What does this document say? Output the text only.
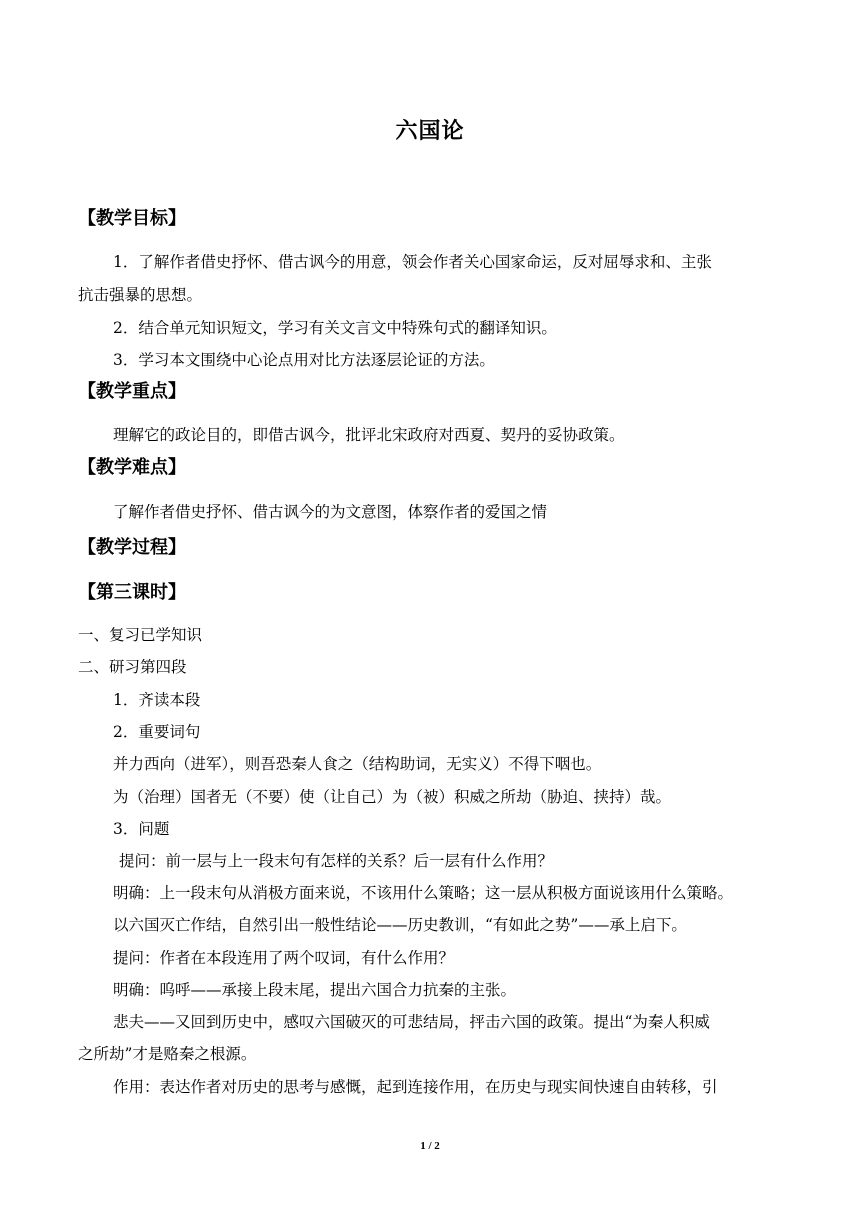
六国论
【教学目标】
1．了解作者借史抒怀、借古讽今的用意，领会作者关心国家命运，反对屈辱求和、主张
抗击强暴的思想。
2．结合单元知识短文，学习有关文言文中特殊句式的翻译知识。
3．学习本文围绕中心论点用对比方法逐层论证的方法。
【教学重点】
理解它的政论目的，即借古讽今，批评北宋政府对西夏、契丹的妥协政策。
【教学难点】
了解作者借史抒怀、借古讽今的为文意图，体察作者的爱国之情
【教学过程】
【第三课时】
一、复习已学知识
二、研习第四段
1．齐读本段
2．重要词句
并力西向（进军），则吾恐秦人食之（结构助词，无实义）不得下咽也。
为（治理）国者无（不要）使（让自己）为（被）积威之所劫（胁迫、挟持）哉。
3．问题
提问：前一层与上一段末句有怎样的关系？后一层有什么作用？
明确：上一段末句从消极方面来说，不该用什么策略；这一层从积极方面说该用什么策略。
以六国灭亡作结，自然引出一般性结论——历史教训，“有如此之势”——承上启下。
提问：作者在本段连用了两个叹词，有什么作用？
明确：呜呼——承接上段末尾，提出六国合力抗秦的主张。
悲夫——又回到历史中，感叹六国破灭的可悲结局，抨击六国的政策。提出“为秦人积威
之所劫”才是赂秦之根源。
作用：表达作者对历史的思考与感慨，起到连接作用，在历史与现实间快速自由转移，引
1 / 2
